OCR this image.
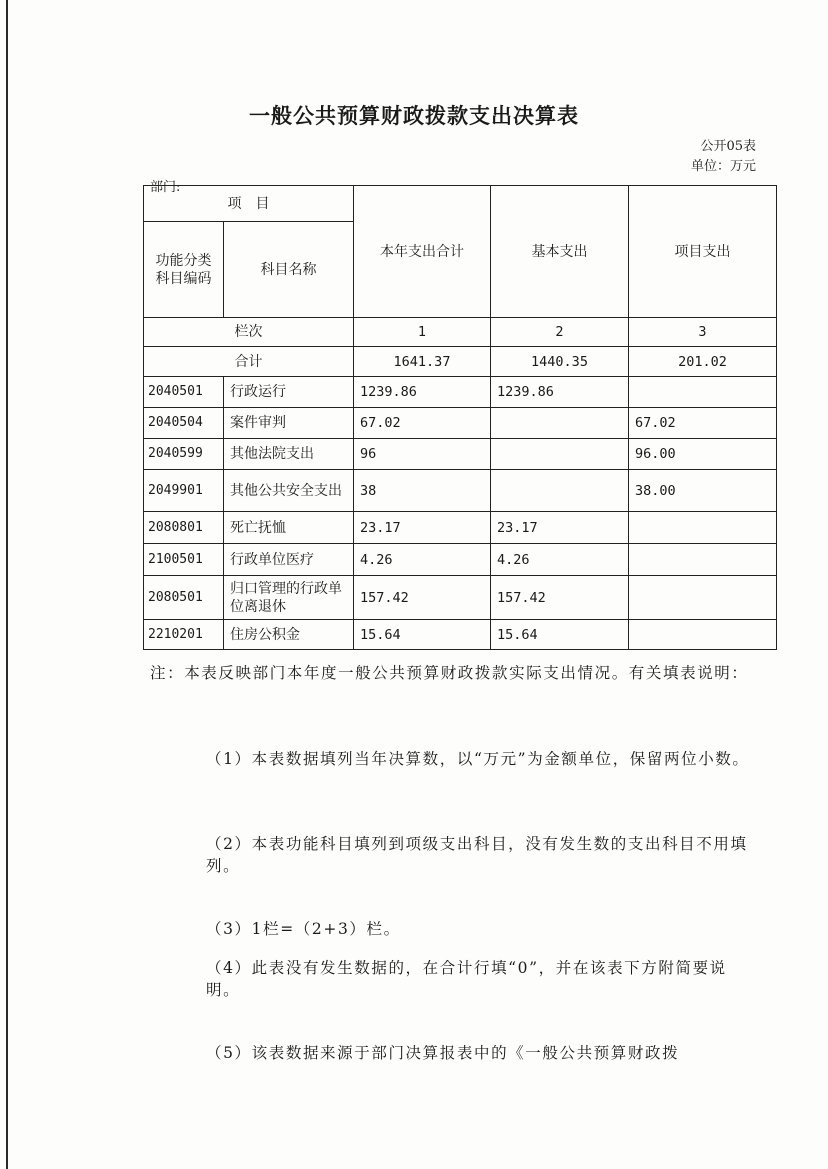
一般公共预算财政拨款支出决算表
公开05表
单位：万元
部门:
项　目		本年支出合计	基本支出	项目支出
功能分类科目编码	科目名称			
栏次		1	2	3
合计		1641.37	1440.35	201.02
2040501	行政运行	1239.86	1239.86	
2040504	案件审判	67.02		67.02
2040599	其他法院支出	96		96.00
2049901	其他公共安全支出	38		38.00
2080801	死亡抚恤	23.17	23.17	
2100501	行政单位医疗	4.26	4.26	
2080501	归口管理的行政单位离退休	157.42	157.42	
2210201	住房公积金	15.64	15.64	
注：本表反映部门本年度一般公共预算财政拨款实际支出情况。有关填表说明：
（1）本表数据填列当年决算数，以“万元”为金额单位，保留两位小数。
（2）本表功能科目填列到项级支出科目，没有发生数的支出科目不用填列。
（3）1栏=（2+3）栏。
（4）此表没有发生数据的，在合计行填“0”，并在该表下方附简要说明。
（5）该表数据来源于部门决算报表中的《一般公共预算财政拨
